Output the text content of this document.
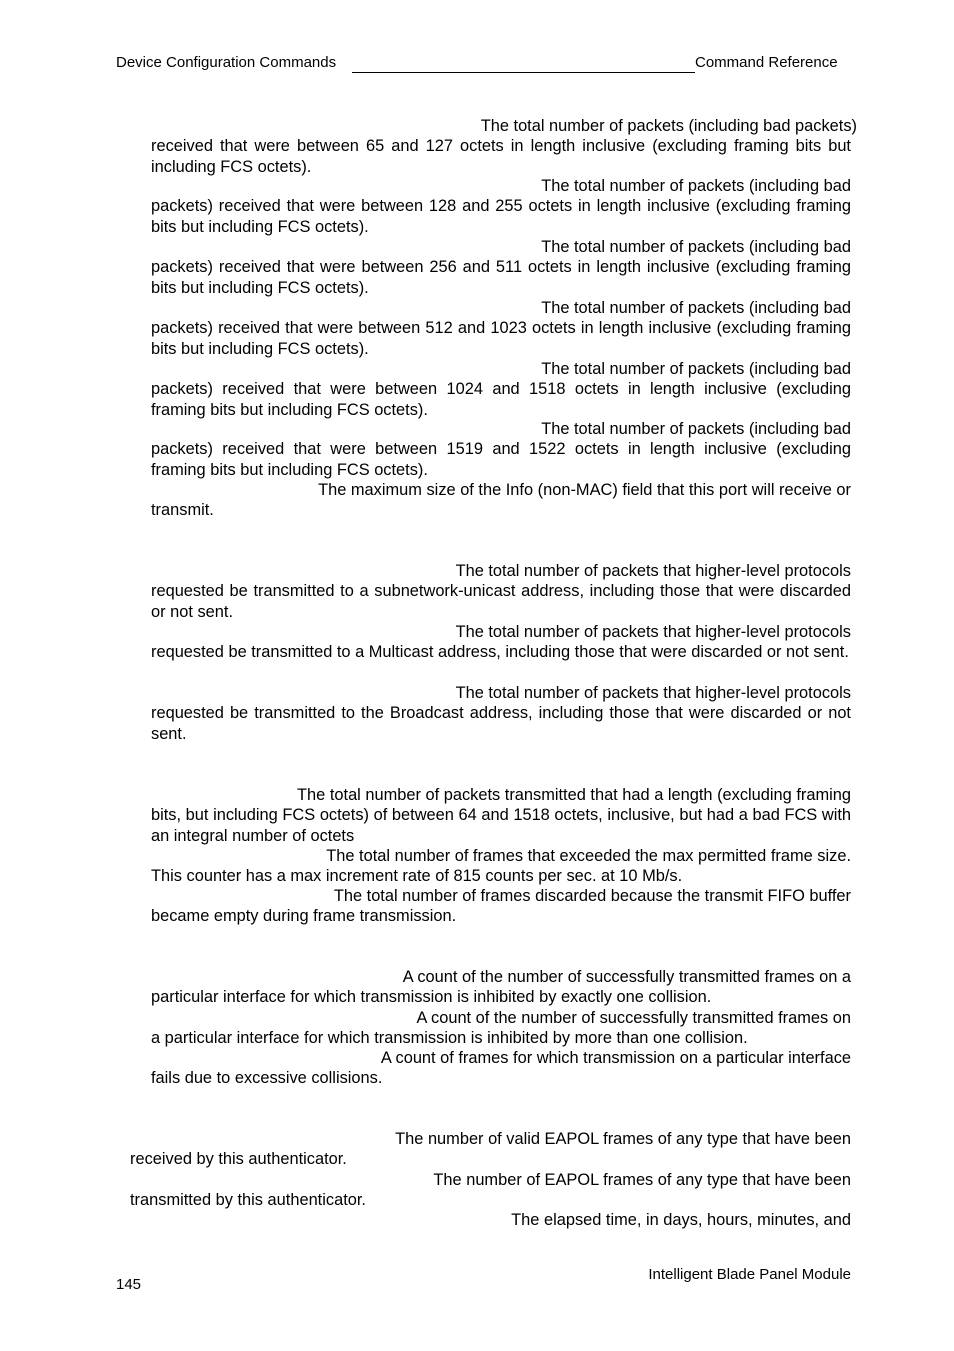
Device Configuration Commands	Command Reference
The total number of packets (including bad packets)
received that were between 65 and 127 octets in length inclusive (excluding framing bits but including FCS octets).
The total number of packets (including bad
packets) received that were between 128 and 255 octets in length inclusive (excluding framing bits but including FCS octets).
The total number of packets (including bad
packets) received that were between 256 and 511 octets in length inclusive (excluding framing bits but including FCS octets).
The total number of packets (including bad
packets) received that were between 512 and 1023 octets in length inclusive (excluding framing bits but including FCS octets).
The total number of packets (including bad
packets) received that were between 1024 and 1518 octets in length inclusive (excluding framing bits but including FCS octets).
The total number of packets (including bad
packets) received that were between 1519 and 1522 octets in length inclusive (excluding framing bits but including FCS octets).
The maximum size of the Info (non-MAC) field that this port will receive or
transmit.
The total number of packets that higher-level protocols
requested be transmitted to a subnetwork-unicast address, including those that were discarded or not sent.
The total number of packets that higher-level protocols
requested be transmitted to a Multicast address, including those that were discarded or not sent.
The total number of packets that higher-level protocols
requested be transmitted to the Broadcast address, including those that were discarded or not sent.
The total number of packets transmitted that had a length (excluding framing
bits, but including FCS octets) of between 64 and 1518 octets, inclusive, but had a bad FCS with an integral number of octets
The total number of frames that exceeded the max permitted frame size.
This counter has a max increment rate of 815 counts per sec. at 10 Mb/s.
The total number of frames discarded because the transmit FIFO buffer
became empty during frame transmission.
A count of the number of successfully transmitted frames on a
particular interface for which transmission is inhibited by exactly one collision.
A count of the number of successfully transmitted frames on
a particular interface for which transmission is inhibited by more than one collision.
A count of frames for which transmission on a particular interface
fails due to excessive collisions.
The number of valid EAPOL frames of any type that have been
received by this authenticator.
The number of EAPOL frames of any type that have been
transmitted by this authenticator.
The elapsed time, in days, hours, minutes, and
145
Intelligent Blade Panel Module
